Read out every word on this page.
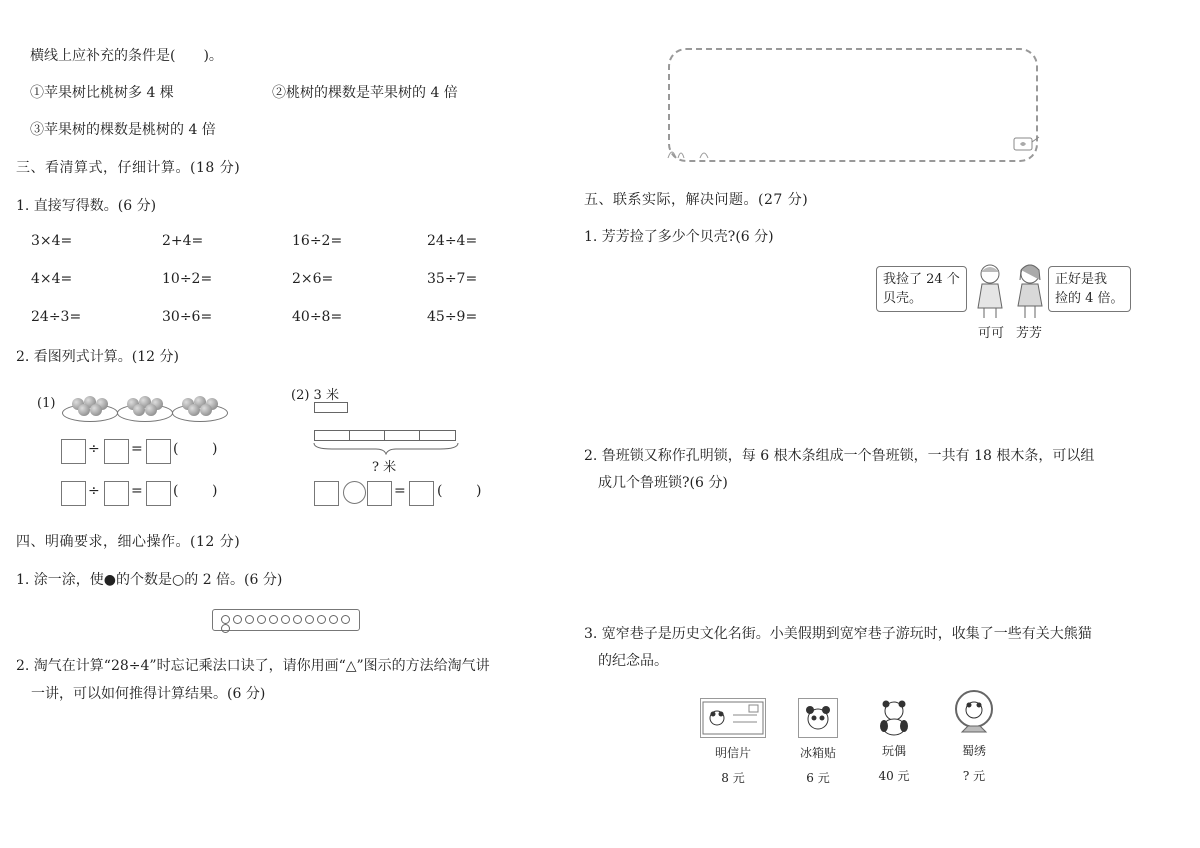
横线上应补充的条件是(　　)。
①苹果树比桃树多 4 棵	②桃树的棵数是苹果树的 4 倍
③苹果树的棵数是桃树的 4 倍
三、看清算式，仔细计算。(18 分)
1. 直接写得数。(6 分)
3×4=	2+4=	16÷2=	24÷4=
4×4=	10÷2=	2×6=	35÷7=
24÷3=	30÷6=	40÷8=	45÷9=
2. 看图列式计算。(12 分)
(1)
÷ = ( )
÷ = ( )
(2) 3 米
? 米
= ( )
四、明确要求，细心操作。(12 分)
1. 涂一涂，使●的个数是○的 2 倍。(6 分)
2. 淘气在计算“28÷4”时忘记乘法口诀了，请你用画“△”图示的方法给淘气讲
一讲，可以如何推得计算结果。(6 分)
五、联系实际，解决问题。(27 分)
1. 芳芳捡了多少个贝壳?(6 分)
我捡了 24 个
贝壳。
正好是我
捡的 4 倍。
可可 芳芳
2. 鲁班锁又称作孔明锁，每 6 根木条组成一个鲁班锁，一共有 18 根木条，可以组
成几个鲁班锁?(6 分)
3. 宽窄巷子是历史文化名街。小美假期到宽窄巷子游玩时，收集了一些有关大熊猫
的纪念品。
明信片
8 元
冰箱贴
6 元
玩偶
40 元
蜀绣
? 元
